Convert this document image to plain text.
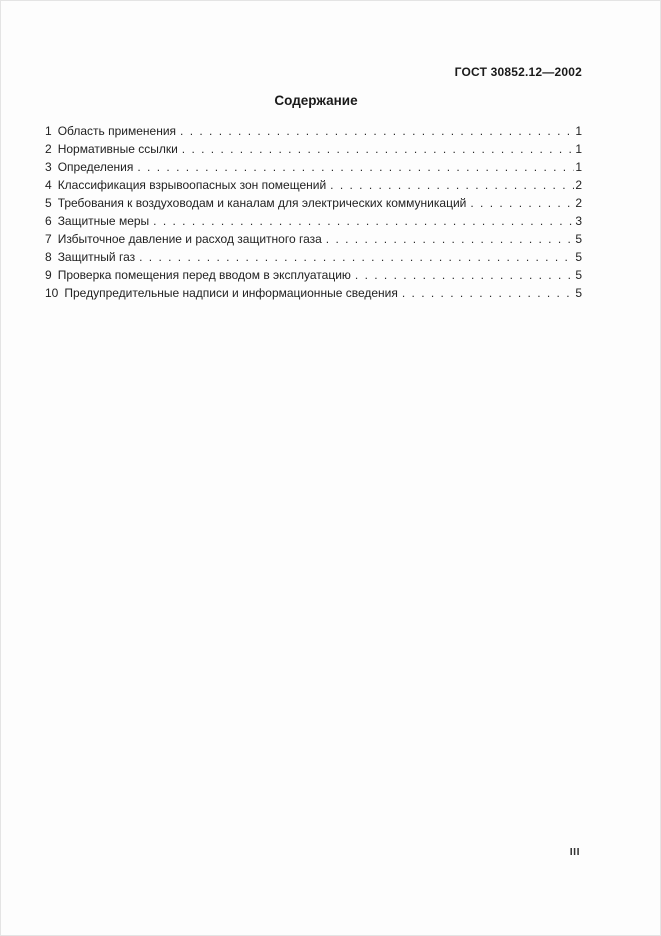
ГОСТ 30852.12—2002
Содержание
1 Область применения . . .	1
2 Нормативные ссылки . . .	1
3 Определения . . .	1
4 Классификация взрывоопасных зон помещений . . .	2
5 Требования к воздуховодам и каналам для электрических коммуникаций . . .	2
6 Защитные меры . . .	3
7 Избыточное давление и расход защитного газа . . .	5
8 Защитный газ . . .	5
9 Проверка помещения перед вводом в эксплуатацию . . .	5
10 Предупредительные надписи и информационные сведения . . .	5
III
